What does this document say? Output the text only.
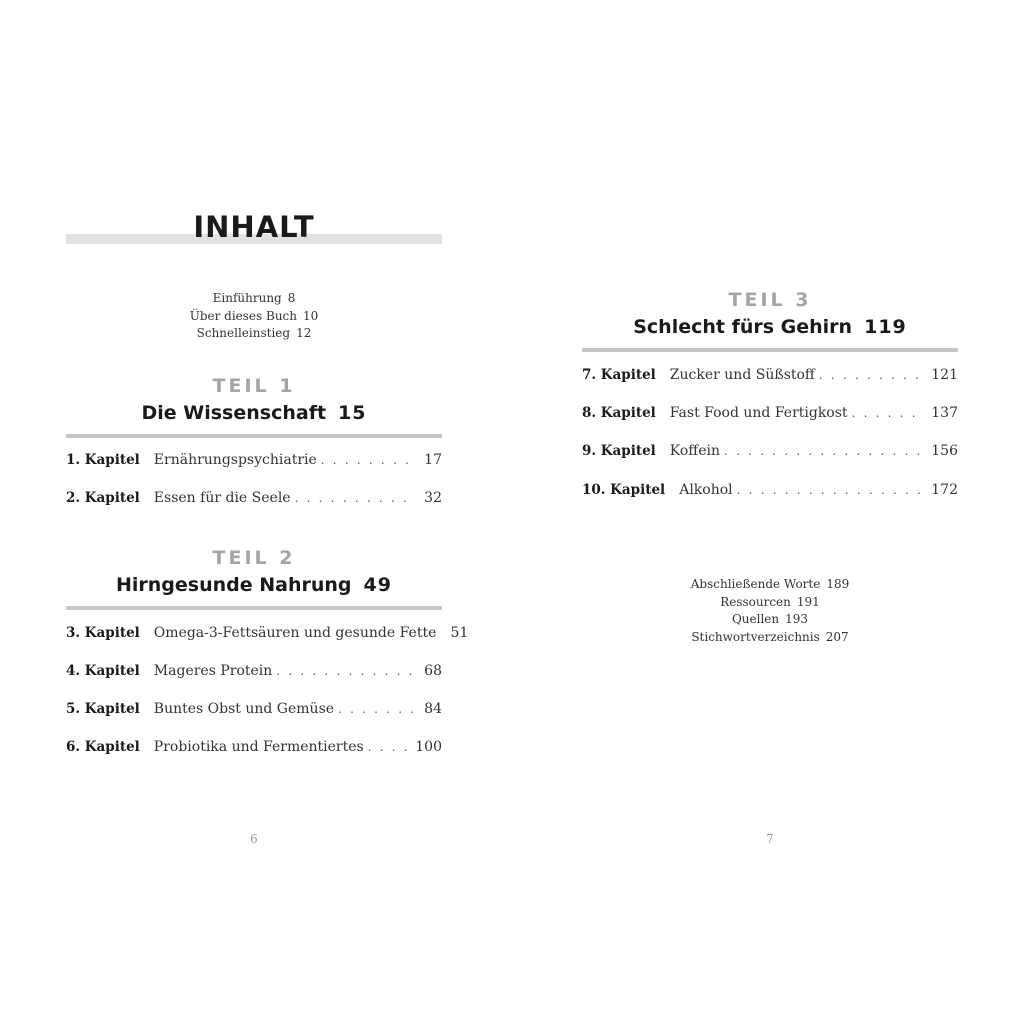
INHALT
Einführung 8
Über dieses Buch 10
Schnelleinstieg 12
TEIL 1
Die Wissenschaft 15
1. Kapitel Ernährungspsychiatrie . . .	17
2. Kapitel Essen für die Seele . . .	32
TEIL 2
Hirngesunde Nahrung 49
3. Kapitel Omega-3-Fettsäuren und gesunde Fette 51
4. Kapitel Mageres Protein . . .	68
5. Kapitel Buntes Obst und Gemüse . . .	84
6. Kapitel Probiotika und Fermentiertes . . .	100
6
TEIL 3
Schlecht fürs Gehirn 119
7. Kapitel Zucker und Süßstoff . . .	121
8. Kapitel Fast Food und Fertigkost . . .	137
9. Kapitel Koffein . . .	156
10. Kapitel Alkohol . . .	172
Abschließende Worte 189
Ressourcen 191
Quellen 193
Stichwortverzeichnis 207
7
